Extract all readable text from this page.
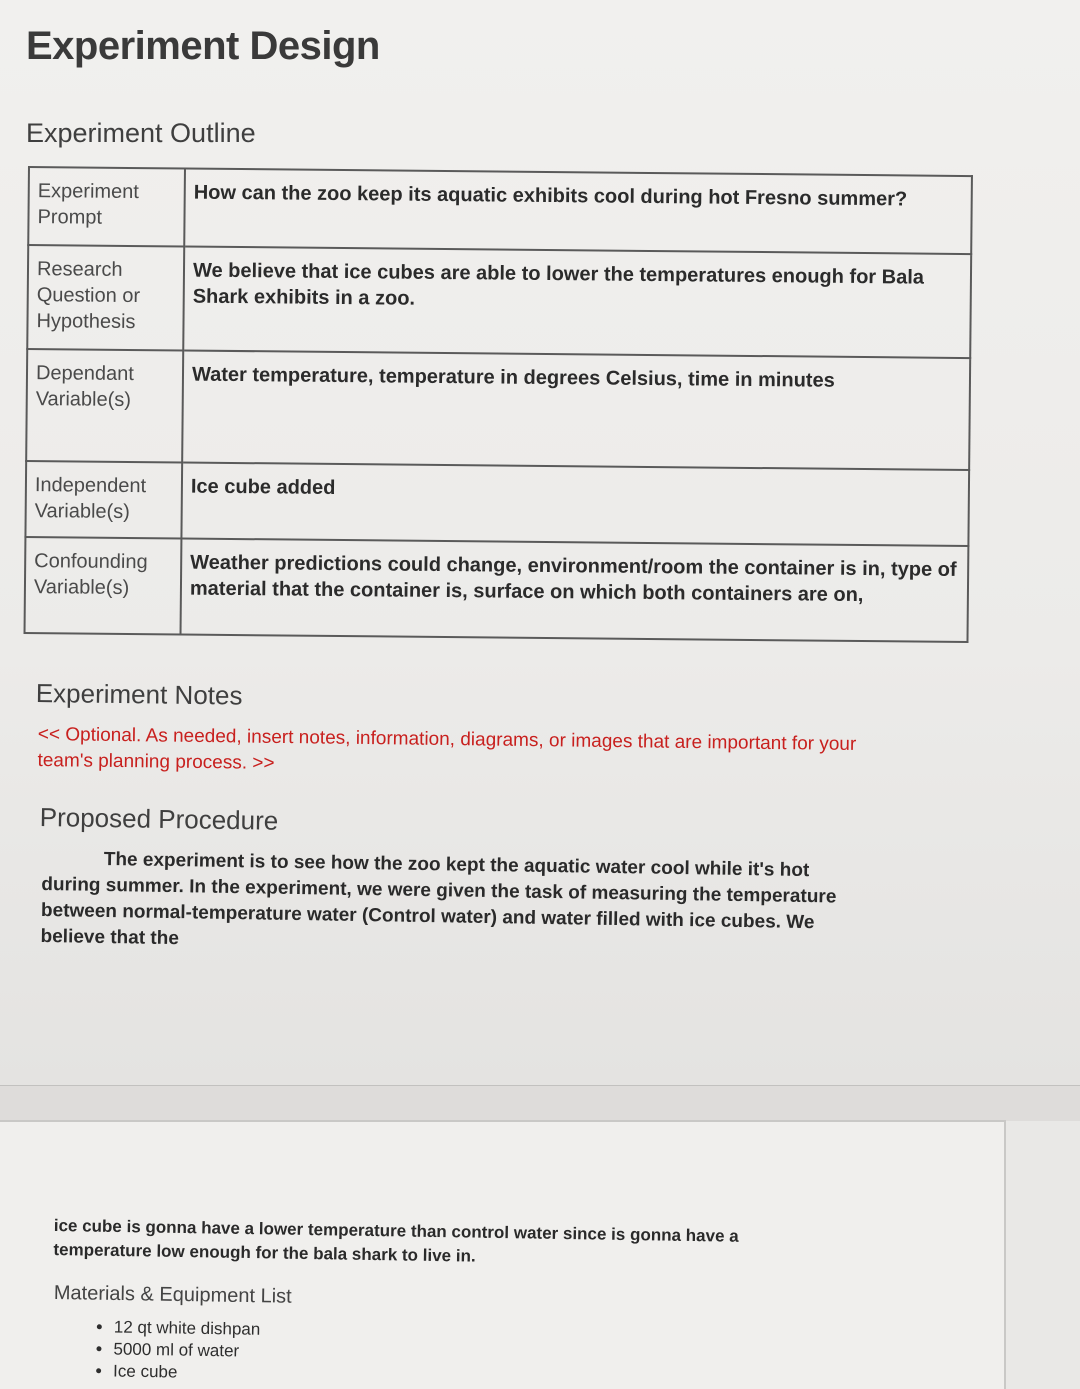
Experiment Design
Experiment Outline
Experiment Prompt	How can the zoo keep its aquatic exhibits cool during hot Fresno summer?
Research Question or Hypothesis	We believe that ice cubes are able to lower the temperatures enough for Bala Shark exhibits in a zoo.
Dependant Variable(s)	Water temperature, temperature in degrees Celsius, time in minutes
Independent Variable(s)	Ice cube added
Confounding Variable(s)	Weather predictions could change, environment/room the container is in, type of material that the container is, surface on which both containers are on,
Experiment Notes
<< Optional. As needed, insert notes, information, diagrams, or images that are important for your team's planning process. >>
Proposed Procedure
The experiment is to see how the zoo kept the aquatic water cool while it's hot during summer. In the experiment, we were given the task of measuring the temperature between normal-temperature water (Control water) and water filled with ice cubes. We believe that the
ice cube is gonna have a lower temperature than control water since is gonna have a temperature low enough for the bala shark to live in.
Materials & Equipment List
• 12 qt white dishpan
• 5000 ml of water
• Ice cube
